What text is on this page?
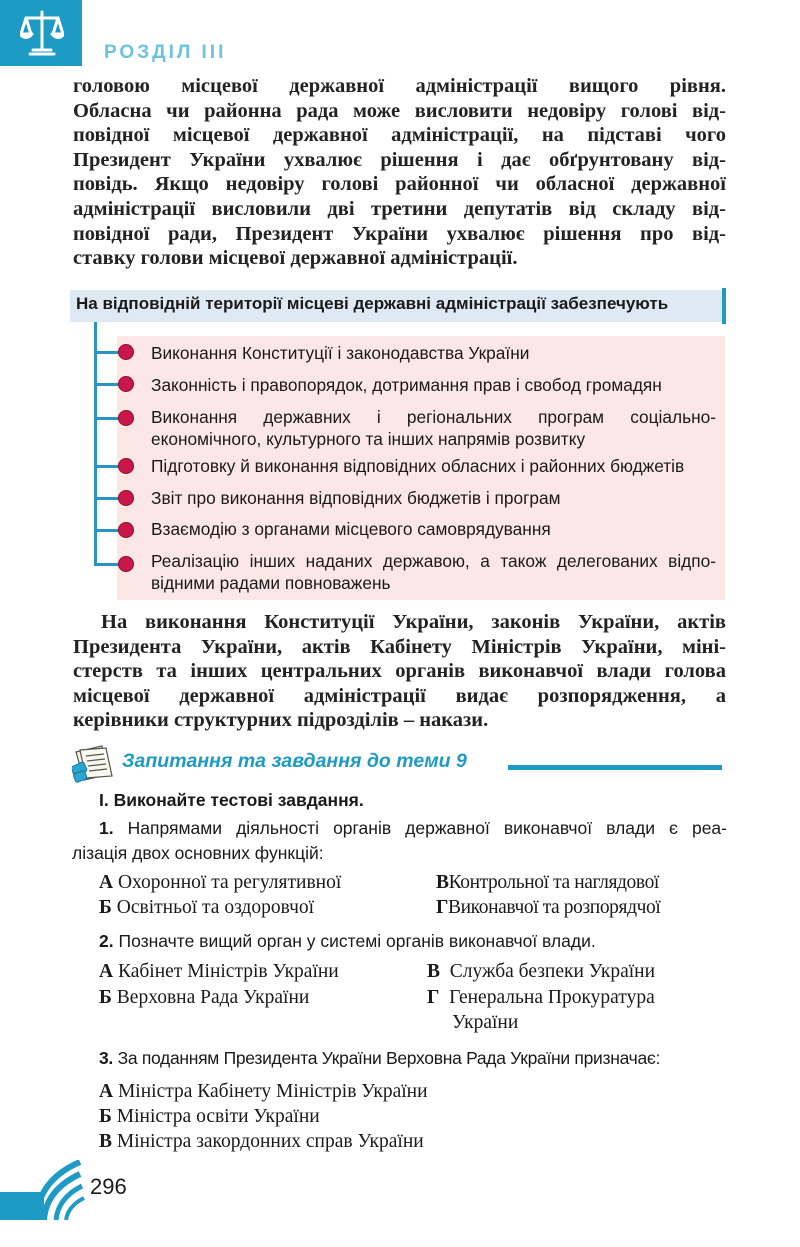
РОЗДІЛ III
головою місцевої державної адміністрації вищого рівня.
Обласна чи районна рада може висловити недовіру голові від-
повідної місцевої державної адміністрації, на підставі чого
Президент України ухвалює рішення і дає обґрунтовану від-
повідь. Якщо недовіру голові районної чи обласної державної
адміністрації висловили дві третини депутатів від складу від-
повідної ради, Президент України ухвалює рішення про від-
ставку голови місцевої державної адміністрації.
На відповідній території місцеві державні адміністрації забезпечують
Виконання Конституції і законодавства України
Законність і правопорядок, дотримання прав і свобод громадян
Виконання державних і регіональних програм соціально-
економічного, культурного та інших напрямів розвитку
Підготовку й виконання відповідних обласних і районних бюджетів
Звіт про виконання відповідних бюджетів і програм
Взаємодію з органами місцевого самоврядування
Реалізацію інших наданих державою, а також делегованих відпо-
відними радами повноважень
На виконання Конституції України, законів України, актів
Президента України, актів Кабінету Міністрів України, міні-
стерств та інших центральних органів виконавчої влади голова
місцевої державної адміністрації видає розпорядження, а
керівники структурних підрозділів – накази.
Запитання та завдання до теми 9
І. Виконайте тестові завдання.
1. Напрямами діяльності органів державної виконавчої влади є реа-
лізація двох основних функцій:
А Охоронної та регулятивної	ВКонтрольної та наглядової
Б Освітньої та оздоровчої	ГВиконавчої та розпорядчої
2. Позначте вищий орган у системі органів виконавчої влади.
А Кабінет Міністрів України	В Служба безпеки України
Б Верховна Рада України	Г Генеральна Прокуратура
України
3. За поданням Президента України Верховна Рада України призначає:
А Міністра Кабінету Міністрів України
Б Міністра освіти України
В Міністра закордонних справ України
296
